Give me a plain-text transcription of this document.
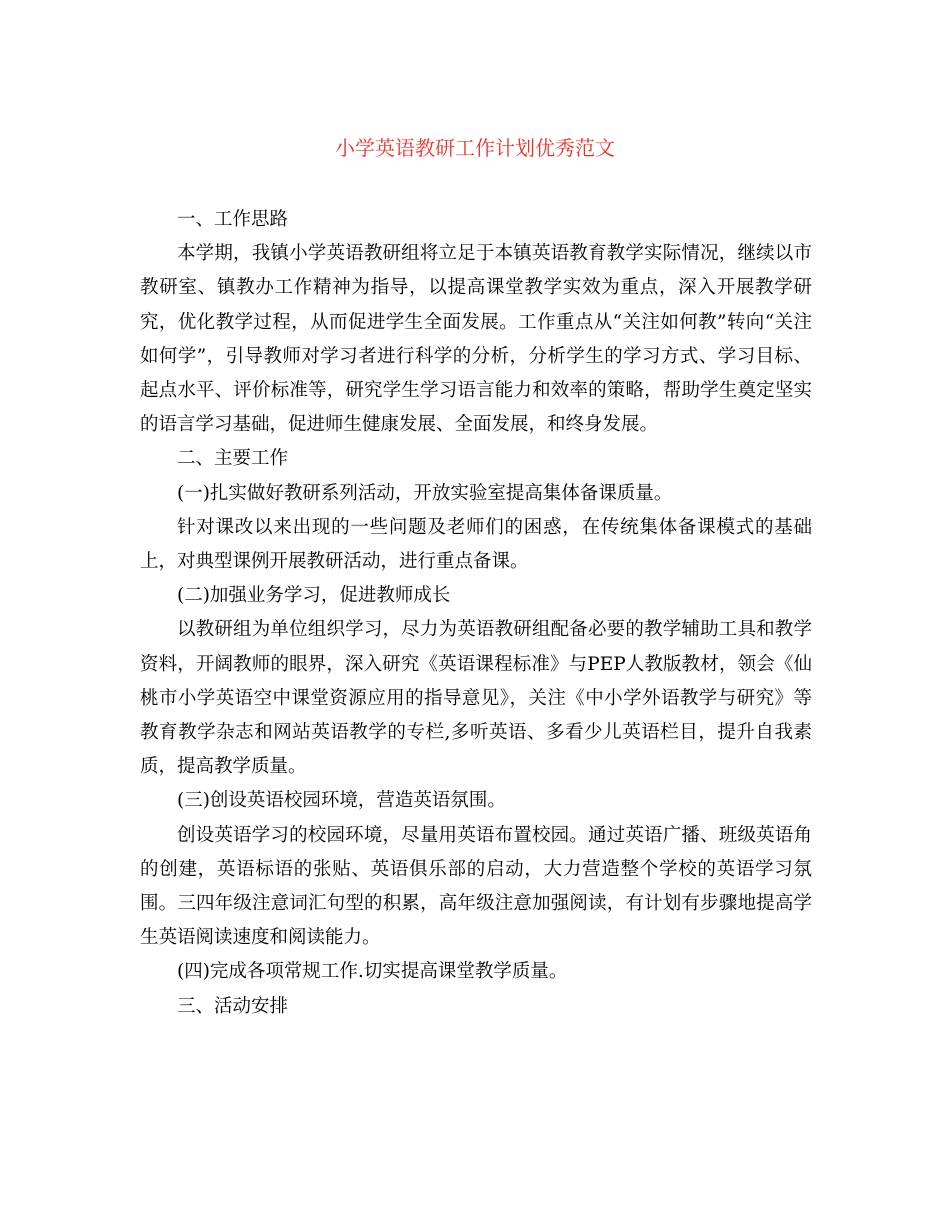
小学英语教研工作计划优秀范文

一、工作思路

本学期，我镇小学英语教研组将立足于本镇英语教育教学实际情况，继续以市教研室、镇教办工作精神为指导，以提高课堂教学实效为重点，深入开展教学研究，优化教学过程，从而促进学生全面发展。工作重点从“关注如何教”转向“关注如何学”，引导教师对学习者进行科学的分析，分析学生的学习方式、学习目标、起点水平、评价标准等，研究学生学习语言能力和效率的策略，帮助学生奠定坚实的语言学习基础，促进师生健康发展、全面发展，和终身发展。

二、主要工作

(一)扎实做好教研系列活动，开放实验室提高集体备课质量。

针对课改以来出现的一些问题及老师们的困惑，在传统集体备课模式的基础上，对典型课例开展教研活动，进行重点备课。

(二)加强业务学习，促进教师成长

以教研组为单位组织学习，尽力为英语教研组配备必要的教学辅助工具和教学资料，开阔教师的眼界，深入研究《英语课程标准》与PEP人教版教材，领会《仙桃市小学英语空中课堂资源应用的指导意见》，关注《中小学外语教学与研究》等教育教学杂志和网站英语教学的专栏,多听英语、多看少儿英语栏目，提升自我素质，提高教学质量。

(三)创设英语校园环境，营造英语氛围。

创设英语学习的校园环境，尽量用英语布置校园。通过英语广播、班级英语角的创建，英语标语的张贴、英语俱乐部的启动，大力营造整个学校的英语学习氛围。三四年级注意词汇句型的积累，高年级注意加强阅读，有计划有步骤地提高学生英语阅读速度和阅读能力。

(四)完成各项常规工作.切实提高课堂教学质量。

三、活动安排
